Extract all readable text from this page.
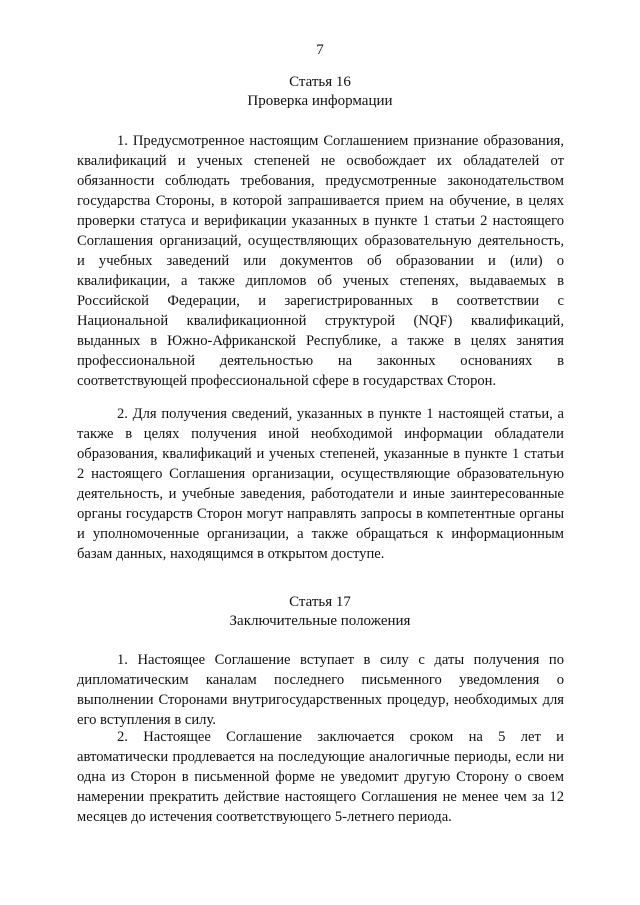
7
Статья 16
Проверка информации

1. Предусмотренное настоящим Соглашением признание образования, квалификаций и ученых степеней не освобождает их обладателей от обязанности соблюдать требования, предусмотренные законодательством государства Стороны, в которой запрашивается прием на обучение, в целях проверки статуса и верификации указанных в пункте 1 статьи 2 настоящего Соглашения организаций, осуществляющих образовательную деятельность, и учебных заведений или документов об образовании и (или) о квалификации, а также дипломов об ученых степенях, выдаваемых в Российской Федерации, и зарегистрированных в соответствии с Национальной квалификационной структурой (NQF) квалификаций, выданных в Южно-Африканской Республике, а также в целях занятия профессиональной деятельностью на законных основаниях в соответствующей профессиональной сфере в государствах Сторон.

2. Для получения сведений, указанных в пункте 1 настоящей статьи, а также в целях получения иной необходимой информации обладатели образования, квалификаций и ученых степеней, указанные в пункте 1 статьи 2 настоящего Соглашения организации, осуществляющие образовательную деятельность, и учебные заведения, работодатели и иные заинтересованные органы государств Сторон могут направлять запросы в компетентные органы и уполномоченные организации, а также обращаться к информационным базам данных, находящимся в открытом доступе.

Статья 17
Заключительные положения

1. Настоящее Соглашение вступает в силу с даты получения по дипломатическим каналам последнего письменного уведомления о выполнении Сторонами внутригосударственных процедур, необходимых для его вступления в силу.

2. Настоящее Соглашение заключается сроком на 5 лет и автоматически продлевается на последующие аналогичные периоды, если ни одна из Сторон в письменной форме не уведомит другую Сторону о своем намерении прекратить действие настоящего Соглашения не менее чем за 12 месяцев до истечения соответствующего 5-летнего периода.
